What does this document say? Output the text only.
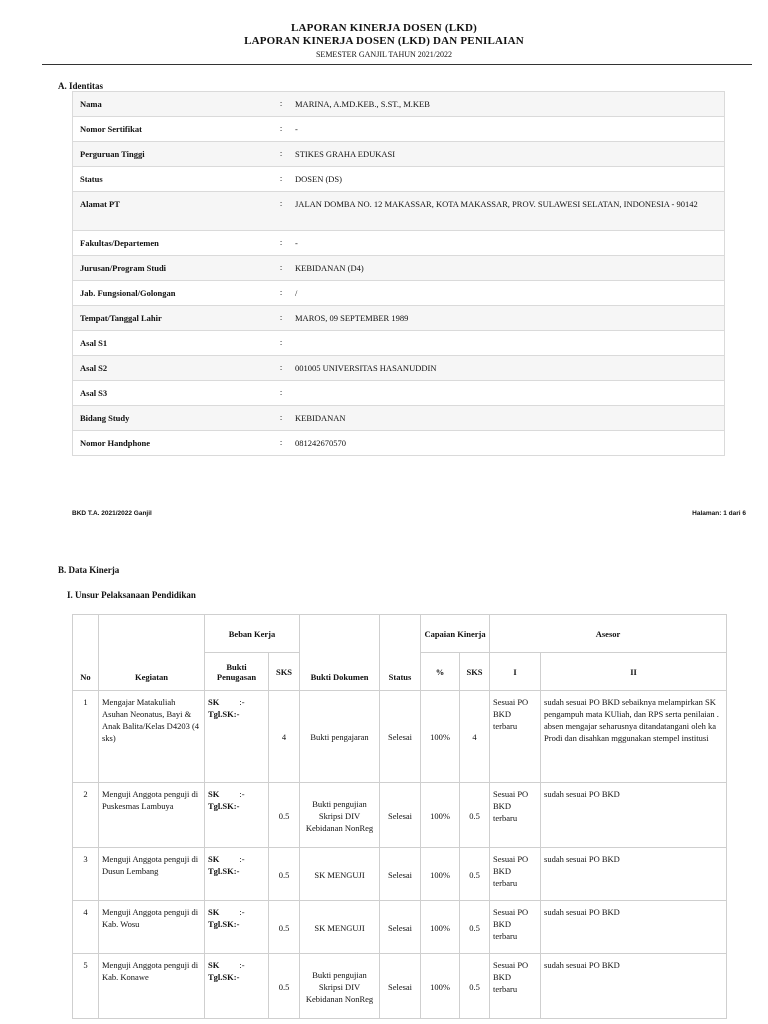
LAPORAN KINERJA DOSEN (LKD)
LAPORAN KINERJA DOSEN (LKD) DAN PENILAIAN
SEMESTER GANJIL TAHUN 2021/2022
A. Identitas
Nama	:	MARINA, A.MD.KEB., S.ST., M.KEB
Nomor Sertifikat	:	-
Perguruan Tinggi	:	STIKES GRAHA EDUKASI
Status	:	DOSEN (DS)
Alamat PT	:	JALAN DOMBA NO. 12 MAKASSAR, KOTA MAKASSAR, PROV. SULAWESI SELATAN, INDONESIA - 90142
Fakultas/Departemen	:	-
Jurusan/Program Studi	:	KEBIDANAN (D4)
Jab. Fungsional/Golongan	:	/
Tempat/Tanggal Lahir	:	MAROS, 09 SEPTEMBER 1989
Asal S1	:	
Asal S2	:	001005 UNIVERSITAS HASANUDDIN
Asal S3	:	
Bidang Study	:	KEBIDANAN
Nomor Handphone	:	081242670570
BKD T.A. 2021/2022 Ganjil	Halaman: 1 dari 6
B. Data Kinerja
I. Unsur Pelaksanaan Pendidikan
No	Kegiatan	Beban Kerja		Bukti Dokumen	Status	Capaian Kinerja		Asesor	
		Bukti Penugasan	SKS			%	SKS	I	II
1	Mengajar Matakuliah Asuhan Neonatus, Bayi & Anak Balita/Kelas D4203 (4 sks)	SK :-
Tgl.SK:-	4	Bukti pengajaran	Selesai	100%	4	Sesuai PO BKD terbaru	sudah sesuai PO BKD sebaiknya melampirkan SK pengampuh mata KUliah, dan RPS serta penilaian . absen mengajar seharusnya ditandatangani oleh ka Prodi dan disahkan mggunakan stempel institusi
2	Menguji Anggota penguji di Puskesmas Lambuya	SK :-
Tgl.SK:-	0.5	Bukti pengujian Skripsi DIV Kebidanan NonReg	Selesai	100%	0.5	Sesuai PO BKD terbaru	sudah sesuai PO BKD
3	Menguji Anggota penguji di Dusun Lembang	SK :-
Tgl.SK:-	0.5	SK MENGUJI	Selesai	100%	0.5	Sesuai PO BKD terbaru	sudah sesuai PO BKD
4	Menguji Anggota penguji di Kab. Wosu	SK :-
Tgl.SK:-	0.5	SK MENGUJI	Selesai	100%	0.5	Sesuai PO BKD terbaru	sudah sesuai PO BKD
5	Menguji Anggota penguji di Kab. Konawe	SK :-
Tgl.SK:-	0.5	Bukti pengujian Skripsi DIV Kebidanan NonReg	Selesai	100%	0.5	Sesuai PO BKD terbaru	sudah sesuai PO BKD
